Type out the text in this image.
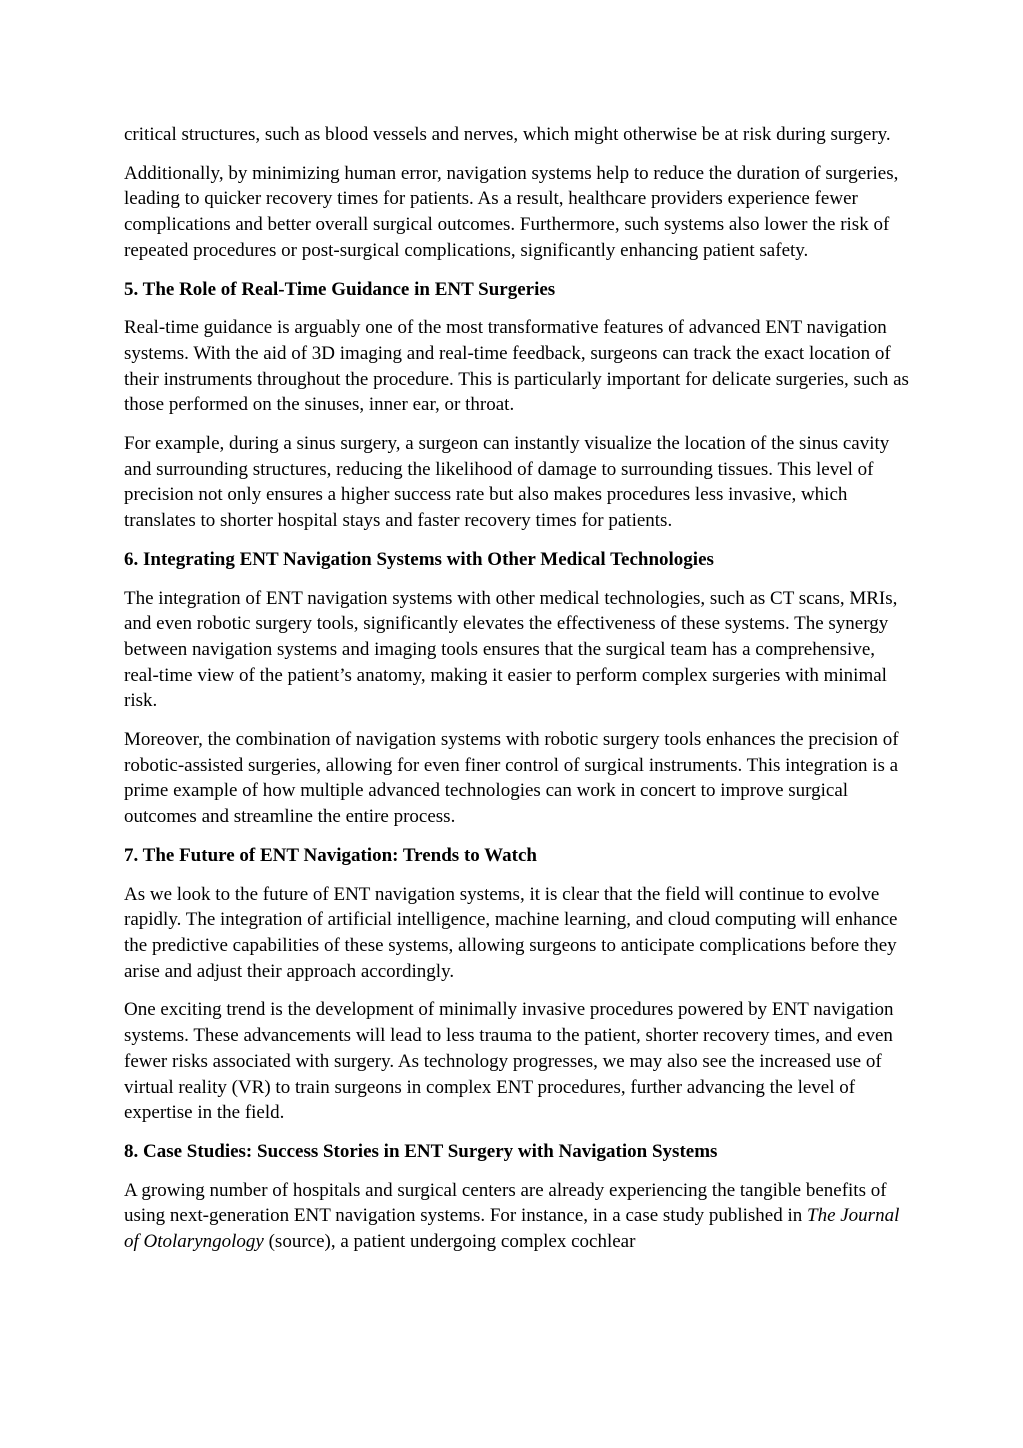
critical structures, such as blood vessels and nerves, which might otherwise be at risk during surgery.

Additionally, by minimizing human error, navigation systems help to reduce the duration of surgeries, leading to quicker recovery times for patients. As a result, healthcare providers experience fewer complications and better overall surgical outcomes. Furthermore, such systems also lower the risk of repeated procedures or post-surgical complications, significantly enhancing patient safety.

5. The Role of Real-Time Guidance in ENT Surgeries

Real-time guidance is arguably one of the most transformative features of advanced ENT navigation systems. With the aid of 3D imaging and real-time feedback, surgeons can track the exact location of their instruments throughout the procedure. This is particularly important for delicate surgeries, such as those performed on the sinuses, inner ear, or throat.

For example, during a sinus surgery, a surgeon can instantly visualize the location of the sinus cavity and surrounding structures, reducing the likelihood of damage to surrounding tissues. This level of precision not only ensures a higher success rate but also makes procedures less invasive, which translates to shorter hospital stays and faster recovery times for patients.

6. Integrating ENT Navigation Systems with Other Medical Technologies

The integration of ENT navigation systems with other medical technologies, such as CT scans, MRIs, and even robotic surgery tools, significantly elevates the effectiveness of these systems. The synergy between navigation systems and imaging tools ensures that the surgical team has a comprehensive, real-time view of the patient’s anatomy, making it easier to perform complex surgeries with minimal risk.

Moreover, the combination of navigation systems with robotic surgery tools enhances the precision of robotic-assisted surgeries, allowing for even finer control of surgical instruments. This integration is a prime example of how multiple advanced technologies can work in concert to improve surgical outcomes and streamline the entire process.

7. The Future of ENT Navigation: Trends to Watch

As we look to the future of ENT navigation systems, it is clear that the field will continue to evolve rapidly. The integration of artificial intelligence, machine learning, and cloud computing will enhance the predictive capabilities of these systems, allowing surgeons to anticipate complications before they arise and adjust their approach accordingly.

One exciting trend is the development of minimally invasive procedures powered by ENT navigation systems. These advancements will lead to less trauma to the patient, shorter recovery times, and even fewer risks associated with surgery. As technology progresses, we may also see the increased use of virtual reality (VR) to train surgeons in complex ENT procedures, further advancing the level of expertise in the field.

8. Case Studies: Success Stories in ENT Surgery with Navigation Systems

A growing number of hospitals and surgical centers are already experiencing the tangible benefits of using next-generation ENT navigation systems. For instance, in a case study published in The Journal of Otolaryngology (source), a patient undergoing complex cochlear
